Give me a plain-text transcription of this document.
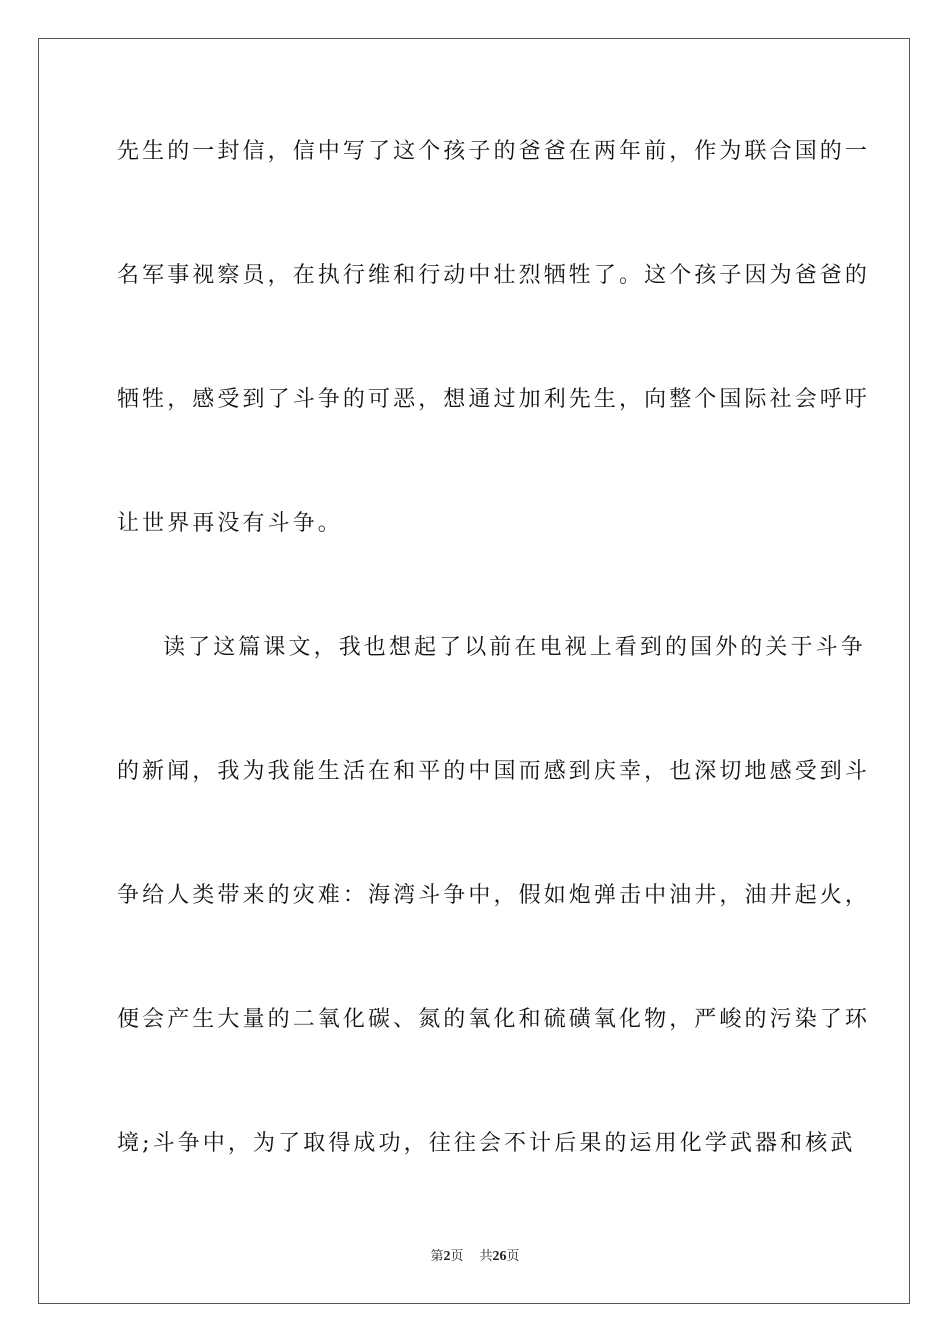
先生的一封信，信中写了这个孩子的爸爸在两年前，作为联合国的一
名军事视察员，在执行维和行动中壮烈牺牲了。这个孩子因为爸爸的
牺牲，感受到了斗争的可恶，想通过加利先生，向整个国际社会呼吁
让世界再没有斗争。
读了这篇课文，我也想起了以前在电视上看到的国外的关于斗争
的新闻，我为我能生活在和平的中国而感到庆幸，也深切地感受到斗
争给人类带来的灾难：海湾斗争中，假如炮弹击中油井，油井起火，
便会产生大量的二氧化碳、氮的氧化和硫磺氧化物，严峻的污染了环
境;斗争中，为了取得成功，往往会不计后果的运用化学武器和核武
第2页 共26页
